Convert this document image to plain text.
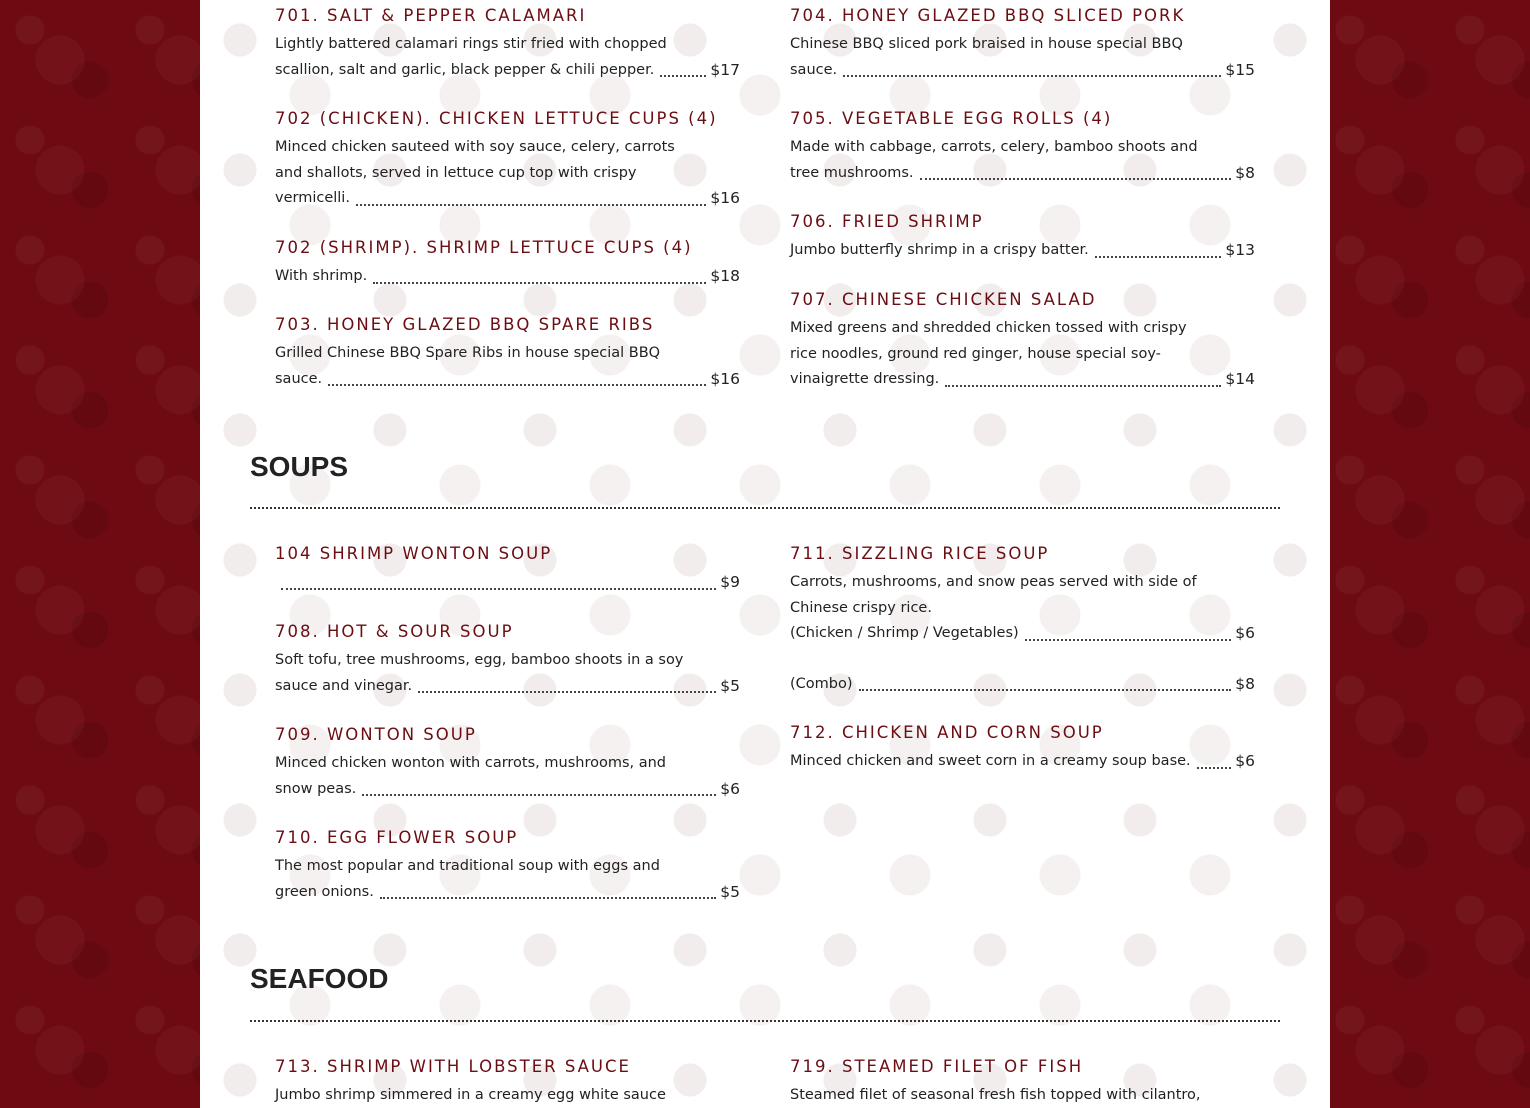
701. SALT & PEPPER CALAMARI
Lightly battered calamari rings stir fried with chopped
scallion, salt and garlic, black pepper & chili pepper.	$17
702 (CHICKEN). CHICKEN LETTUCE CUPS (4)
Minced chicken sauteed with soy sauce, celery, carrots
and shallots, served in lettuce cup top with crispy
vermicelli.	$16
702 (SHRIMP). SHRIMP LETTUCE CUPS (4)
With shrimp.	$18
703. HONEY GLAZED BBQ SPARE RIBS
Grilled Chinese BBQ Spare Ribs in house special BBQ
sauce.	$16
704. HONEY GLAZED BBQ SLICED PORK
Chinese BBQ sliced pork braised in house special BBQ
sauce.	$15
705. VEGETABLE EGG ROLLS (4)
Made with cabbage, carrots, celery, bamboo shoots and
tree mushrooms.	$8
706. FRIED SHRIMP
Jumbo butterfly shrimp in a crispy batter.	$13
707. CHINESE CHICKEN SALAD
Mixed greens and shredded chicken tossed with crispy
rice noodles, ground red ginger, house special soy-
vinaigrette dressing.	$14
SOUPS
104 SHRIMP WONTON SOUP
$9
708. HOT & SOUR SOUP
Soft tofu, tree mushrooms, egg, bamboo shoots in a soy
sauce and vinegar.	$5
709. WONTON SOUP
Minced chicken wonton with carrots, mushrooms, and
snow peas.	$6
710. EGG FLOWER SOUP
The most popular and traditional soup with eggs and
green onions.	$5
711. SIZZLING RICE SOUP
Carrots, mushrooms, and snow peas served with side of
Chinese crispy rice.
(Chicken / Shrimp / Vegetables)	$6
(Combo)	$8
712. CHICKEN AND CORN SOUP
Minced chicken and sweet corn in a creamy soup base.	$6
SEAFOOD
713. SHRIMP WITH LOBSTER SAUCE
Jumbo shrimp simmered in a creamy egg white sauce
719. STEAMED FILET OF FISH
Steamed filet of seasonal fresh fish topped with cilantro,
